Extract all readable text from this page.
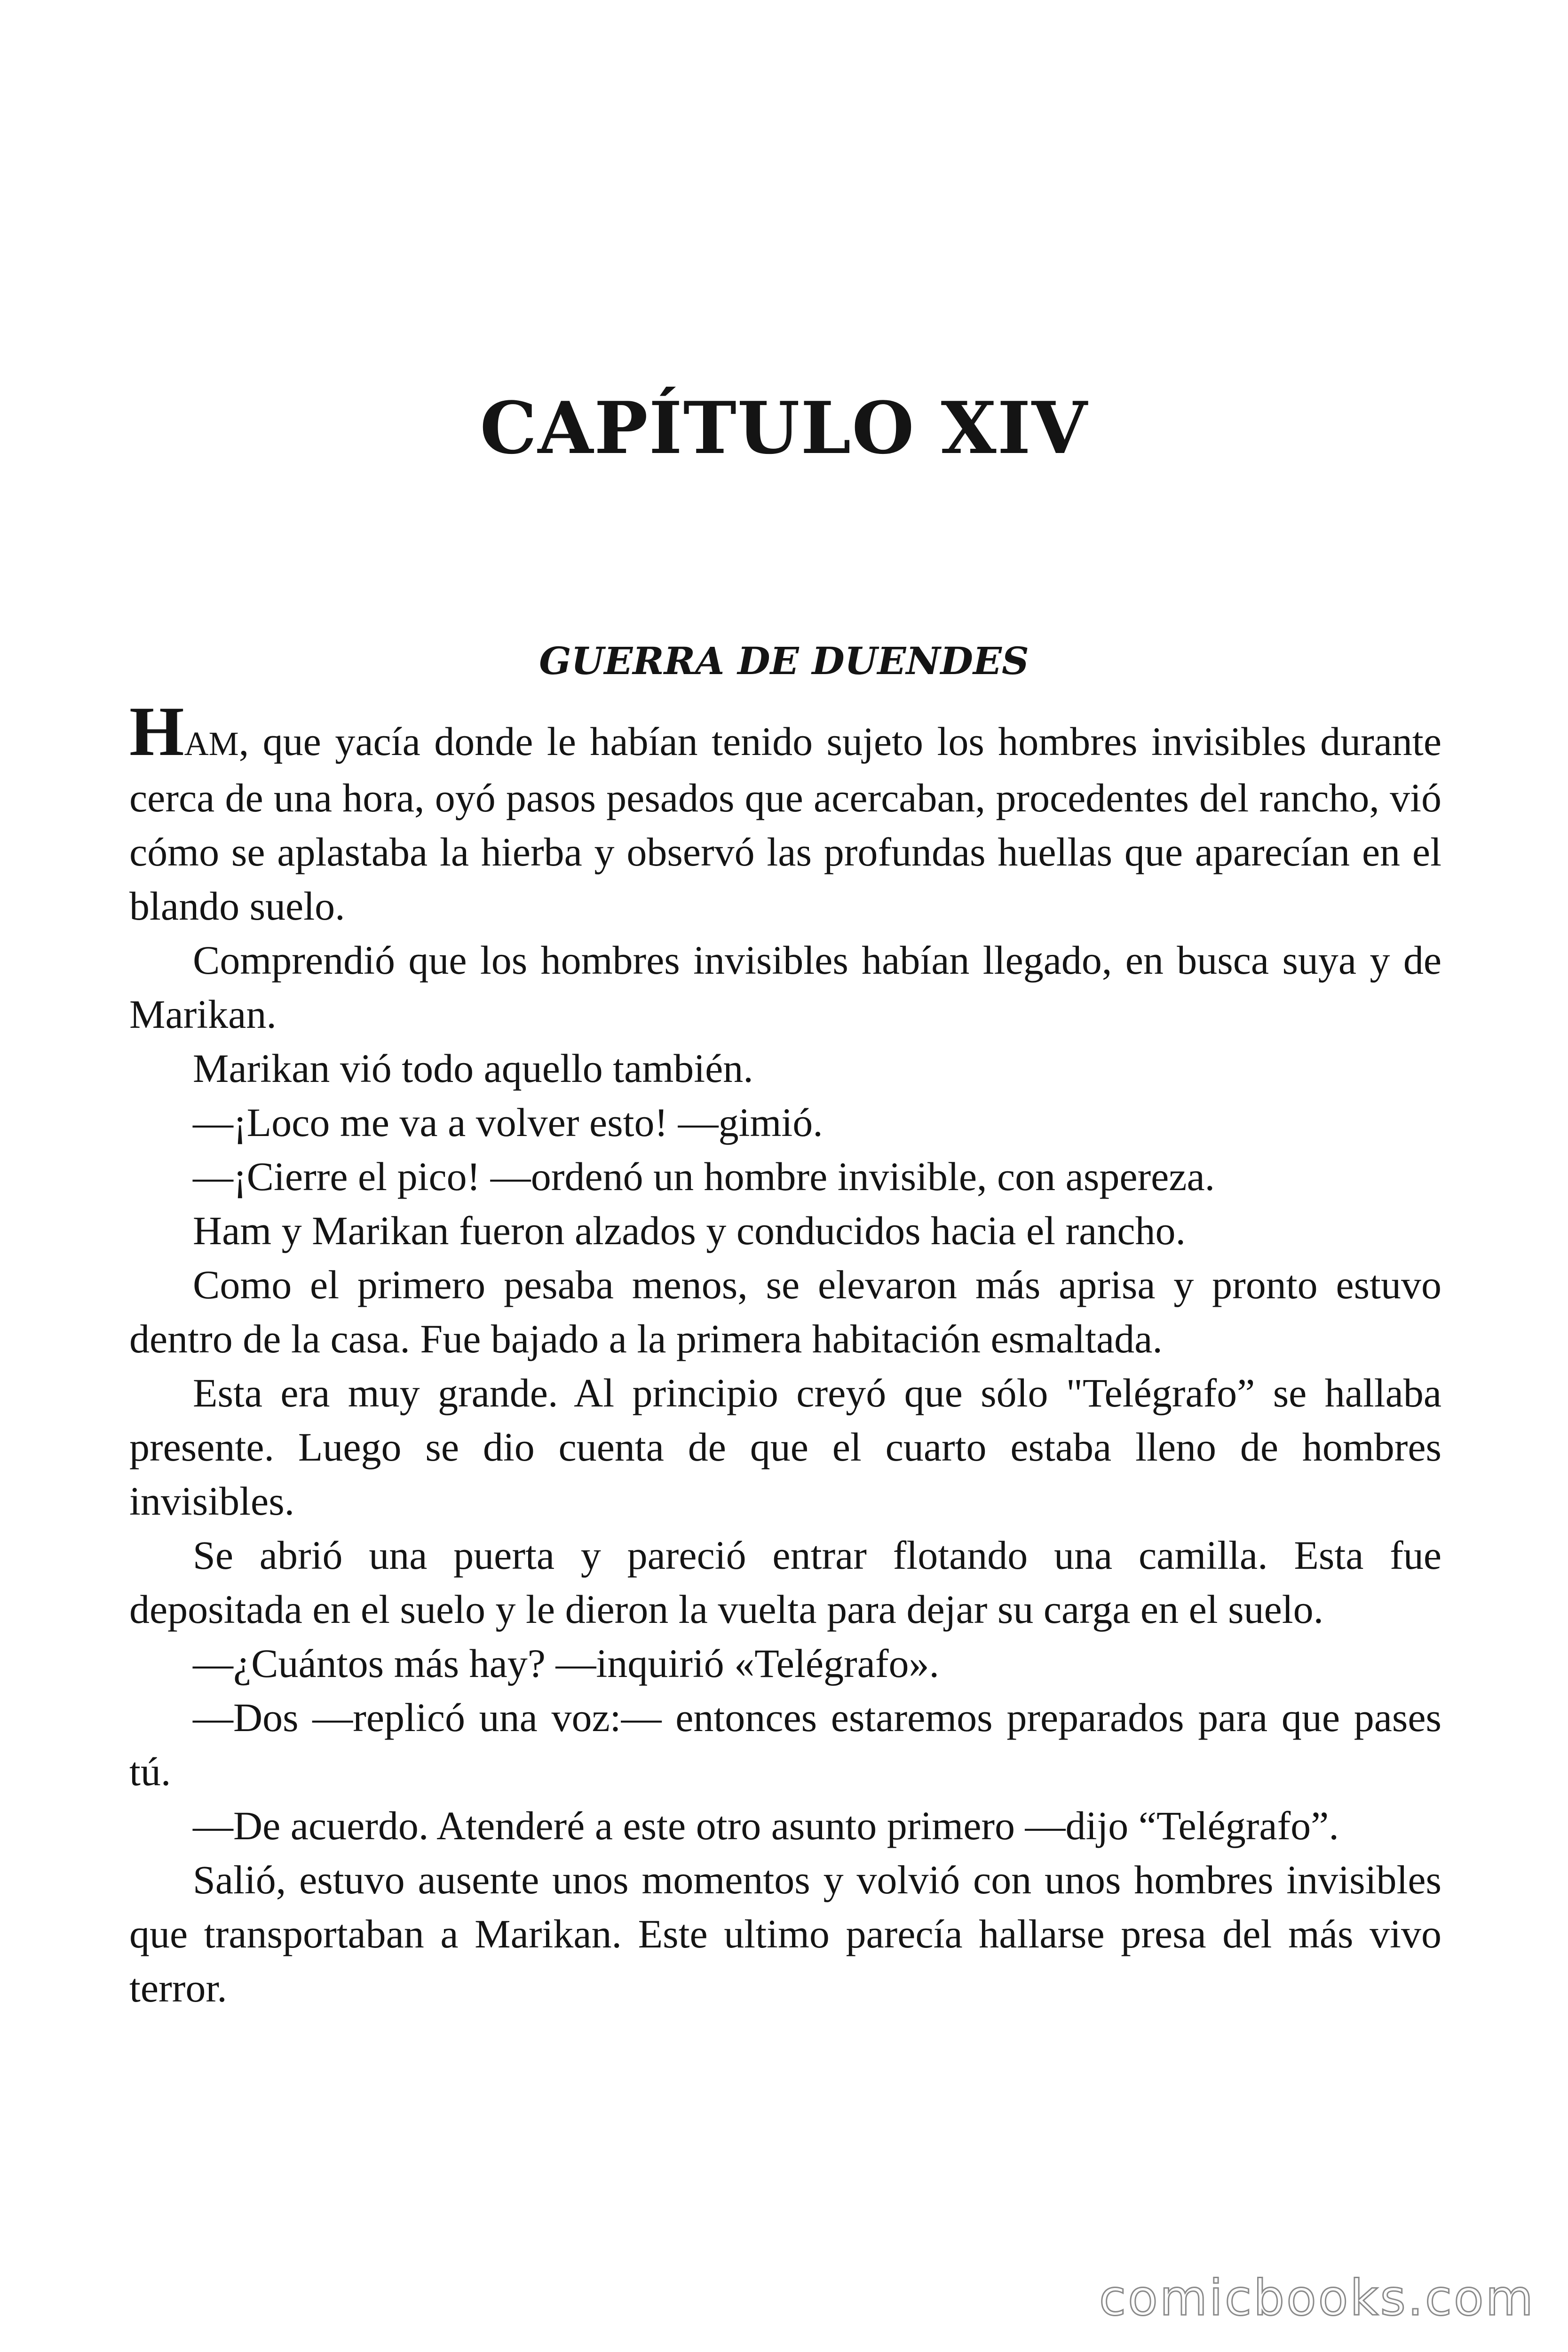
CAPÍTULO XIV
GUERRA DE DUENDES

HAM, que yacía donde le habían tenido sujeto los hombres invisibles durante cerca de una hora, oyó pasos pesados que acercaban, procedentes del rancho, vió cómo se aplastaba la hierba y observó las profundas huellas que aparecían en el blando suelo.

Comprendió que los hombres invisibles habían llegado, en busca suya y de Marikan.

Marikan vió todo aquello también.

—¡Loco me va a volver esto! —gimió.

—¡Cierre el pico! —ordenó un hombre invisible, con aspereza.

Ham y Marikan fueron alzados y conducidos hacia el rancho.

Como el primero pesaba menos, se elevaron más aprisa y pronto estuvo dentro de la casa. Fue bajado a la primera habitación esmaltada.

Esta era muy grande. Al principio creyó que sólo "Telégrafo” se hallaba presente. Luego se dio cuenta de que el cuarto estaba lleno de hombres invisibles.

Se abrió una puerta y pareció entrar flotando una camilla. Esta fue depositada en el suelo y le dieron la vuelta para dejar su carga en el suelo.

—¿Cuántos más hay? —inquirió «Telégrafo».

—Dos —replicó una voz:— entonces estaremos preparados para que pases tú.

—De acuerdo. Atenderé a este otro asunto primero —dijo “Telégrafo”.

Salió, estuvo ausente unos momentos y volvió con unos hombres invisibles que transportaban a Marikan. Este ultimo parecía hallarse presa del más vivo terror.

comicbooks.com
